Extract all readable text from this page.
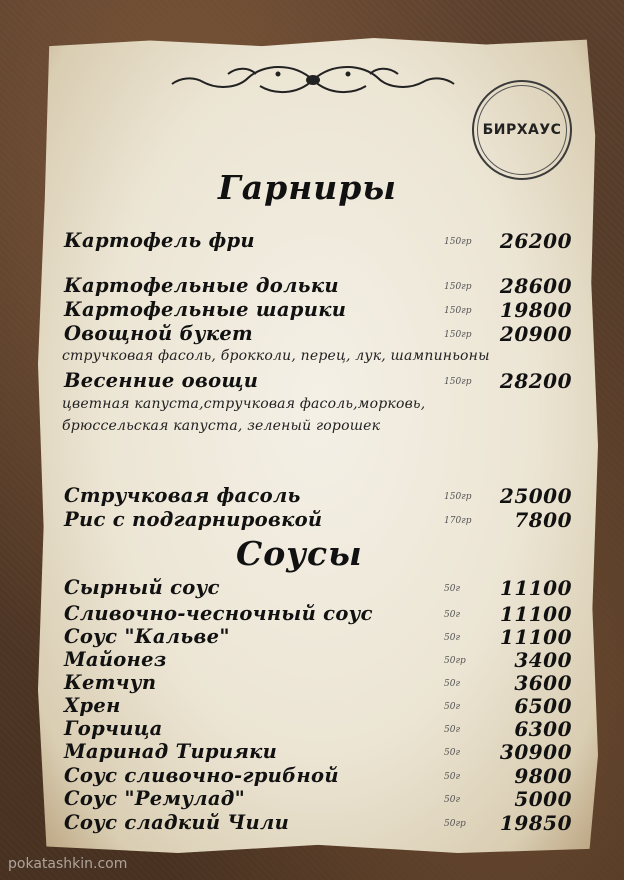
БИРХАУС
Гарниры
Картофель фри	150гр 26200
Картофельные дольки	150гр 28600
Картофельные шарики	150гр 19800
Овощной букет	150гр 20900
стручковая фасоль, брокколи, перец, лук, шампиньоны
Весенние овощи	150гр 28200
цветная капуста,стручковая фасоль,морковь,
брюссельская капуста, зеленый горошек
Стручковая фасоль	150гр 25000
Рис с подгарнировкой	170гр 7800
Соусы
Сырный соус	50г 11100
Сливочно-чесночный соус	50г 11100
Соус "Кальве"	50г 11100
Майонез	50гр 3400
Кетчуп	50г	3600
Хрен	50г	6500
Горчица	50г	6300
Маринад Тирияки	50г 30900
Соус сливочно-грибной	50г	9800
Соус "Ремулад"	50г	5000
Соус сладкий Чили	50гр 19850
pokatashkin.com
